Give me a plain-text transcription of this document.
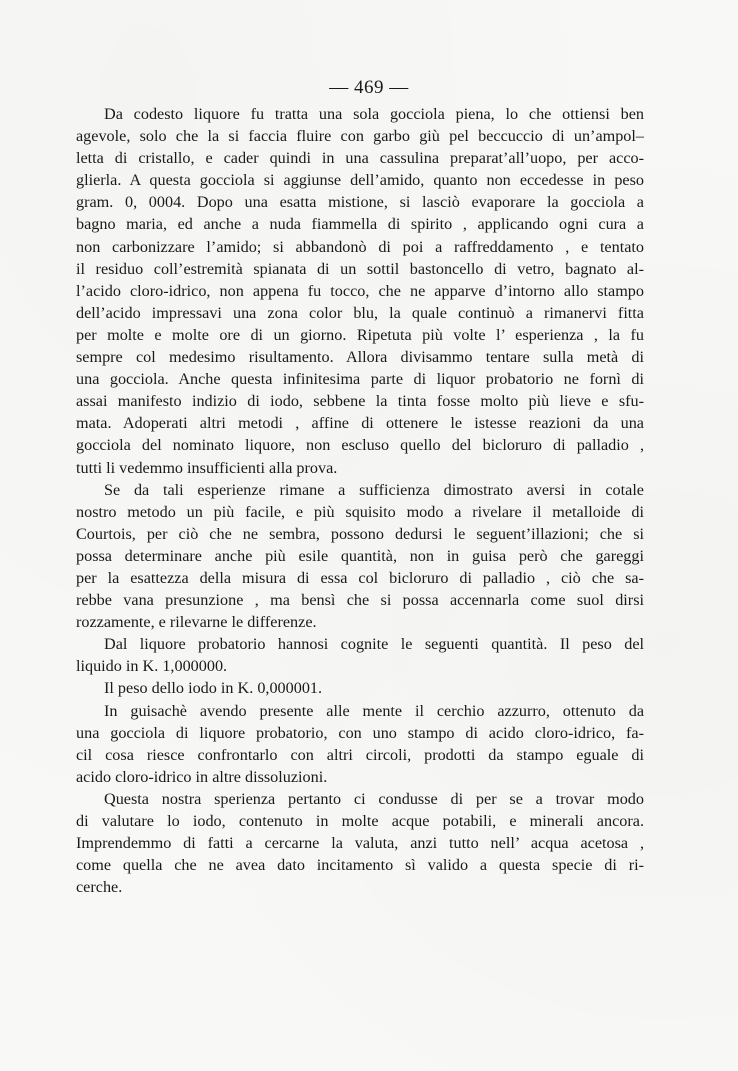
— 469 —

Da codesto liquore fu tratta una sola gocciola piena, lo che ottiensi ben
agevole, solo che la si faccia fluire con garbo giù pel beccuccio di un’ampol–
letta di cristallo, e cader quindi in una cassulina preparat’all’uopo, per acco-
glierla. A questa gocciola si aggiunse dell’amido, quanto non eccedesse in peso
gram. 0, 0004. Dopo una esatta mistione, si lasciò evaporare la gocciola a
bagno maria, ed anche a nuda fiammella di spirito , applicando ogni cura a
non carbonizzare l’amido; si abbandonò di poi a raffreddamento , e tentato
il residuo coll’estremità spianata di un sottil bastoncello di vetro, bagnato al-
l’acido cloro-idrico, non appena fu tocco, che ne apparve d’intorno allo stampo
dell’acido impressavi una zona color blu, la quale continuò a rimanervi fitta
per molte e molte ore di un giorno. Ripetuta più volte l’ esperienza , la fu
sempre col medesimo risultamento. Allora divisammo tentare sulla metà di
una gocciola. Anche questa infinitesima parte di liquor probatorio ne fornì di
assai manifesto indizio di iodo, sebbene la tinta fosse molto più lieve e sfu-
mata. Adoperati altri metodi , affine di ottenere le istesse reazioni da una
gocciola del nominato liquore, non escluso quello del bicloruro di palladio ,
tutti li vedemmo insufficienti alla prova.

Se da tali esperienze rimane a sufficienza dimostrato aversi in cotale
nostro metodo un più facile, e più squisito modo a rivelare il metalloide di
Courtois, per ciò che ne sembra, possono dedursi le seguent’illazioni; che si
possa determinare anche più esile quantità, non in guisa però che gareggi
per la esattezza della misura di essa col bicloruro di palladio , ciò che sa-
rebbe vana presunzione , ma bensì che si possa accennarla come suol dirsi
rozzamente, e rilevarne le differenze.

Dal liquore probatorio hannosi cognite le seguenti quantità. Il peso del
liquido in K. 1,000000.

Il peso dello iodo in K. 0,000001.

In guisachè avendo presente alle mente il cerchio azzurro, ottenuto da
una gocciola di liquore probatorio, con uno stampo di acido cloro-idrico, fa-
cil cosa riesce confrontarlo con altri circoli, prodotti da stampo eguale di
acido cloro-idrico in altre dissoluzioni.

Questa nostra sperienza pertanto ci condusse di per se a trovar modo
di valutare lo iodo, contenuto in molte acque potabili, e minerali ancora.
Imprendemmo di fatti a cercarne la valuta, anzi tutto nell’ acqua acetosa ,
come quella che ne avea dato incitamento sì valido a questa specie di ri-
cerche.
